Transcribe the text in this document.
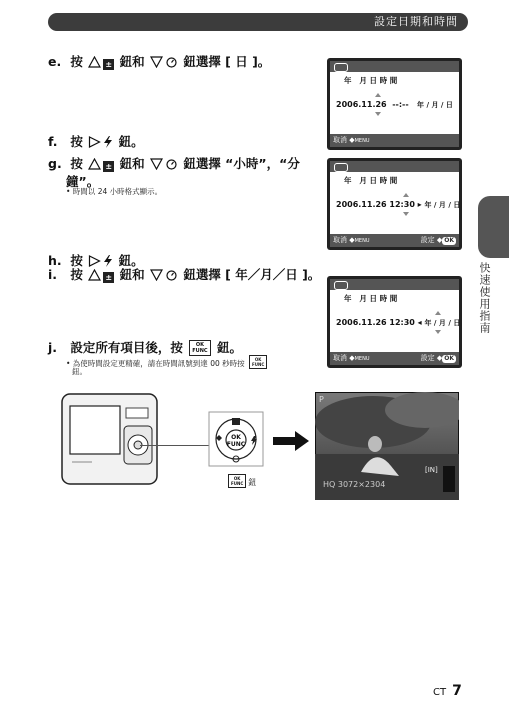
設定日期和時間
e. 按	± 鈕和	鈕選擇 [ 日 ]。
f. 按	鈕。
g. 按	± 鈕和	鈕選擇 “小時”，“分
鐘”。
• 時間以 24 小時格式顯示。
h. 按	鈕。
i. 按	± 鈕和	鈕選擇 [ 年／月／日 ]。
j. 設定所有項目後，按	OK
FUNC 鈕。
• 為使時間設定更精確，請在時間訊號到達 00 秒時按	OK
FUNC
鈕。
年 月 日 時 間
2006.11.26 --:-- 年 / 月 / 日
取消 ◆MENU
年 月 日 時 間
2006.11.26 12:30 ▸ 年 / 月 / 日
取消 ◆MENU	設定 ◆ OK
年 月 日 時 間
2006.11.26 12:30 ◂ 年 / 月 / 日
取消 ◆MENU	設定 ◆ OK
OK
FUNC
OK
FUNC 鈕
P
HQ 3072×2304
[IN]
快速使用指南
CT 7
